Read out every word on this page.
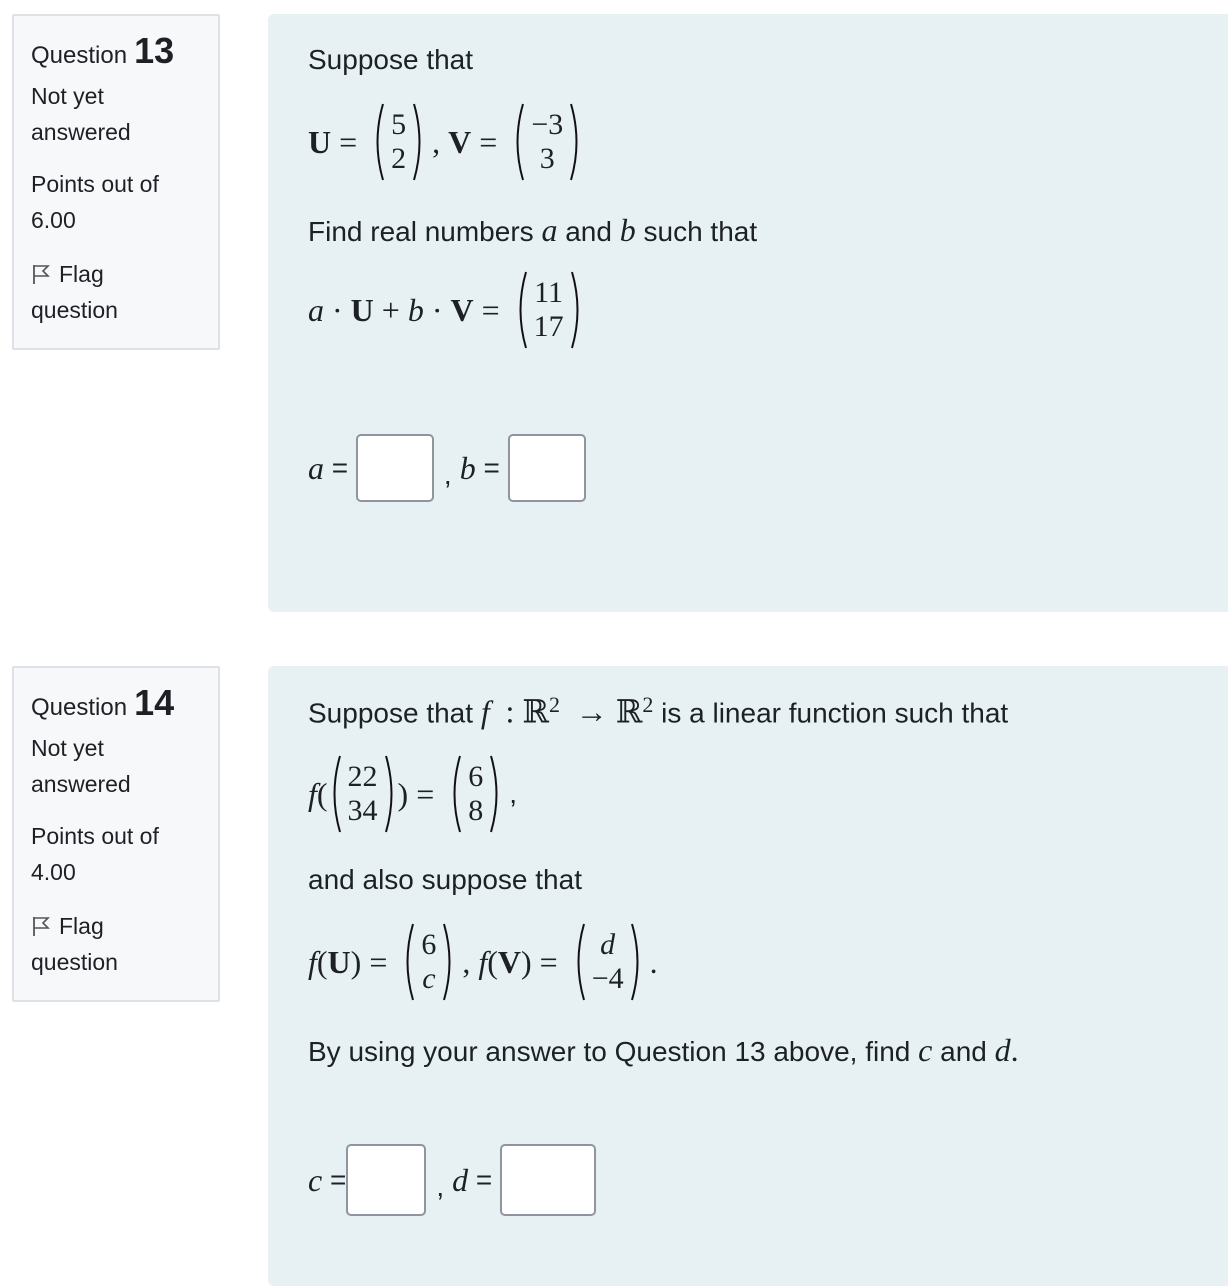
Question 13
Not yet
answered
Points out of
6.00
Flag
question
Suppose that
U = 5
2 , V = −3
3
Find real numbers a and b such that
a · U + b · V = 11
17
a =	, b =
Question 14
Not yet
answered
Points out of
4.00
Flag
question
Suppose that f  : ℝ$^2$  → ℝ$^2$ is a linear function such that
f ( 22
34 ) = 6
8
,
and also suppose that
f ( U ) = 6
c , f ( V ) = d
−4 .
By using your answer to Question 13 above, find c and d.
c =	, d =
